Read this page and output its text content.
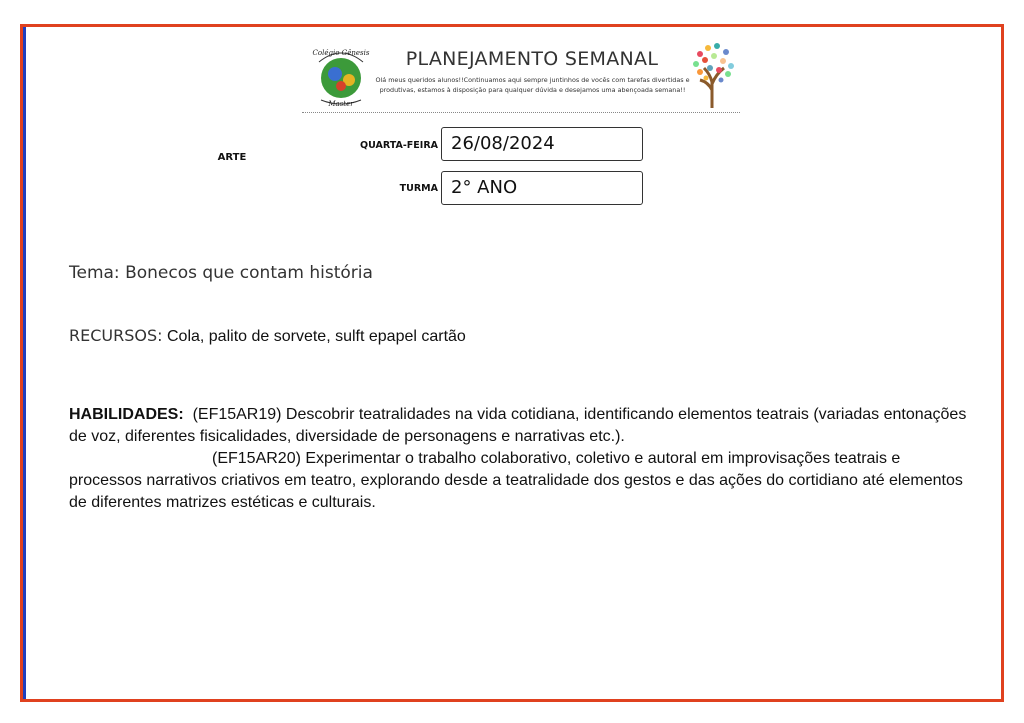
Colégio Gênesis
Master
PLANEJAMENTO SEMANAL
Olá meus queridos alunos!!Continuamos aqui sempre juntinhos de vocês com tarefas divertidas e produtivas, estamos à disposição para qualquer dúvida e desejamos uma abençoada semana!!
ARTE
QUARTA-FEIRA 26/08/2024
TURMA 2° ANO
Tema: Bonecos que contam história
RECURSOS: Cola, palito de sorvete, sulft epapel cartão

HABILIDADES: (EF15AR19) Descobrir teatralidades na vida cotidiana, identificando elementos teatrais (variadas entonações de voz, diferentes fisicalidades, diversidade de personagens e narrativas etc.).

(EF15AR20) Experimentar o trabalho colaborativo, coletivo e autoral em improvisações teatrais e processos narrativos criativos em teatro, explorando desde a teatralidade dos gestos e das ações do cortidiano até elementos de diferentes matrizes estéticas e culturais.
